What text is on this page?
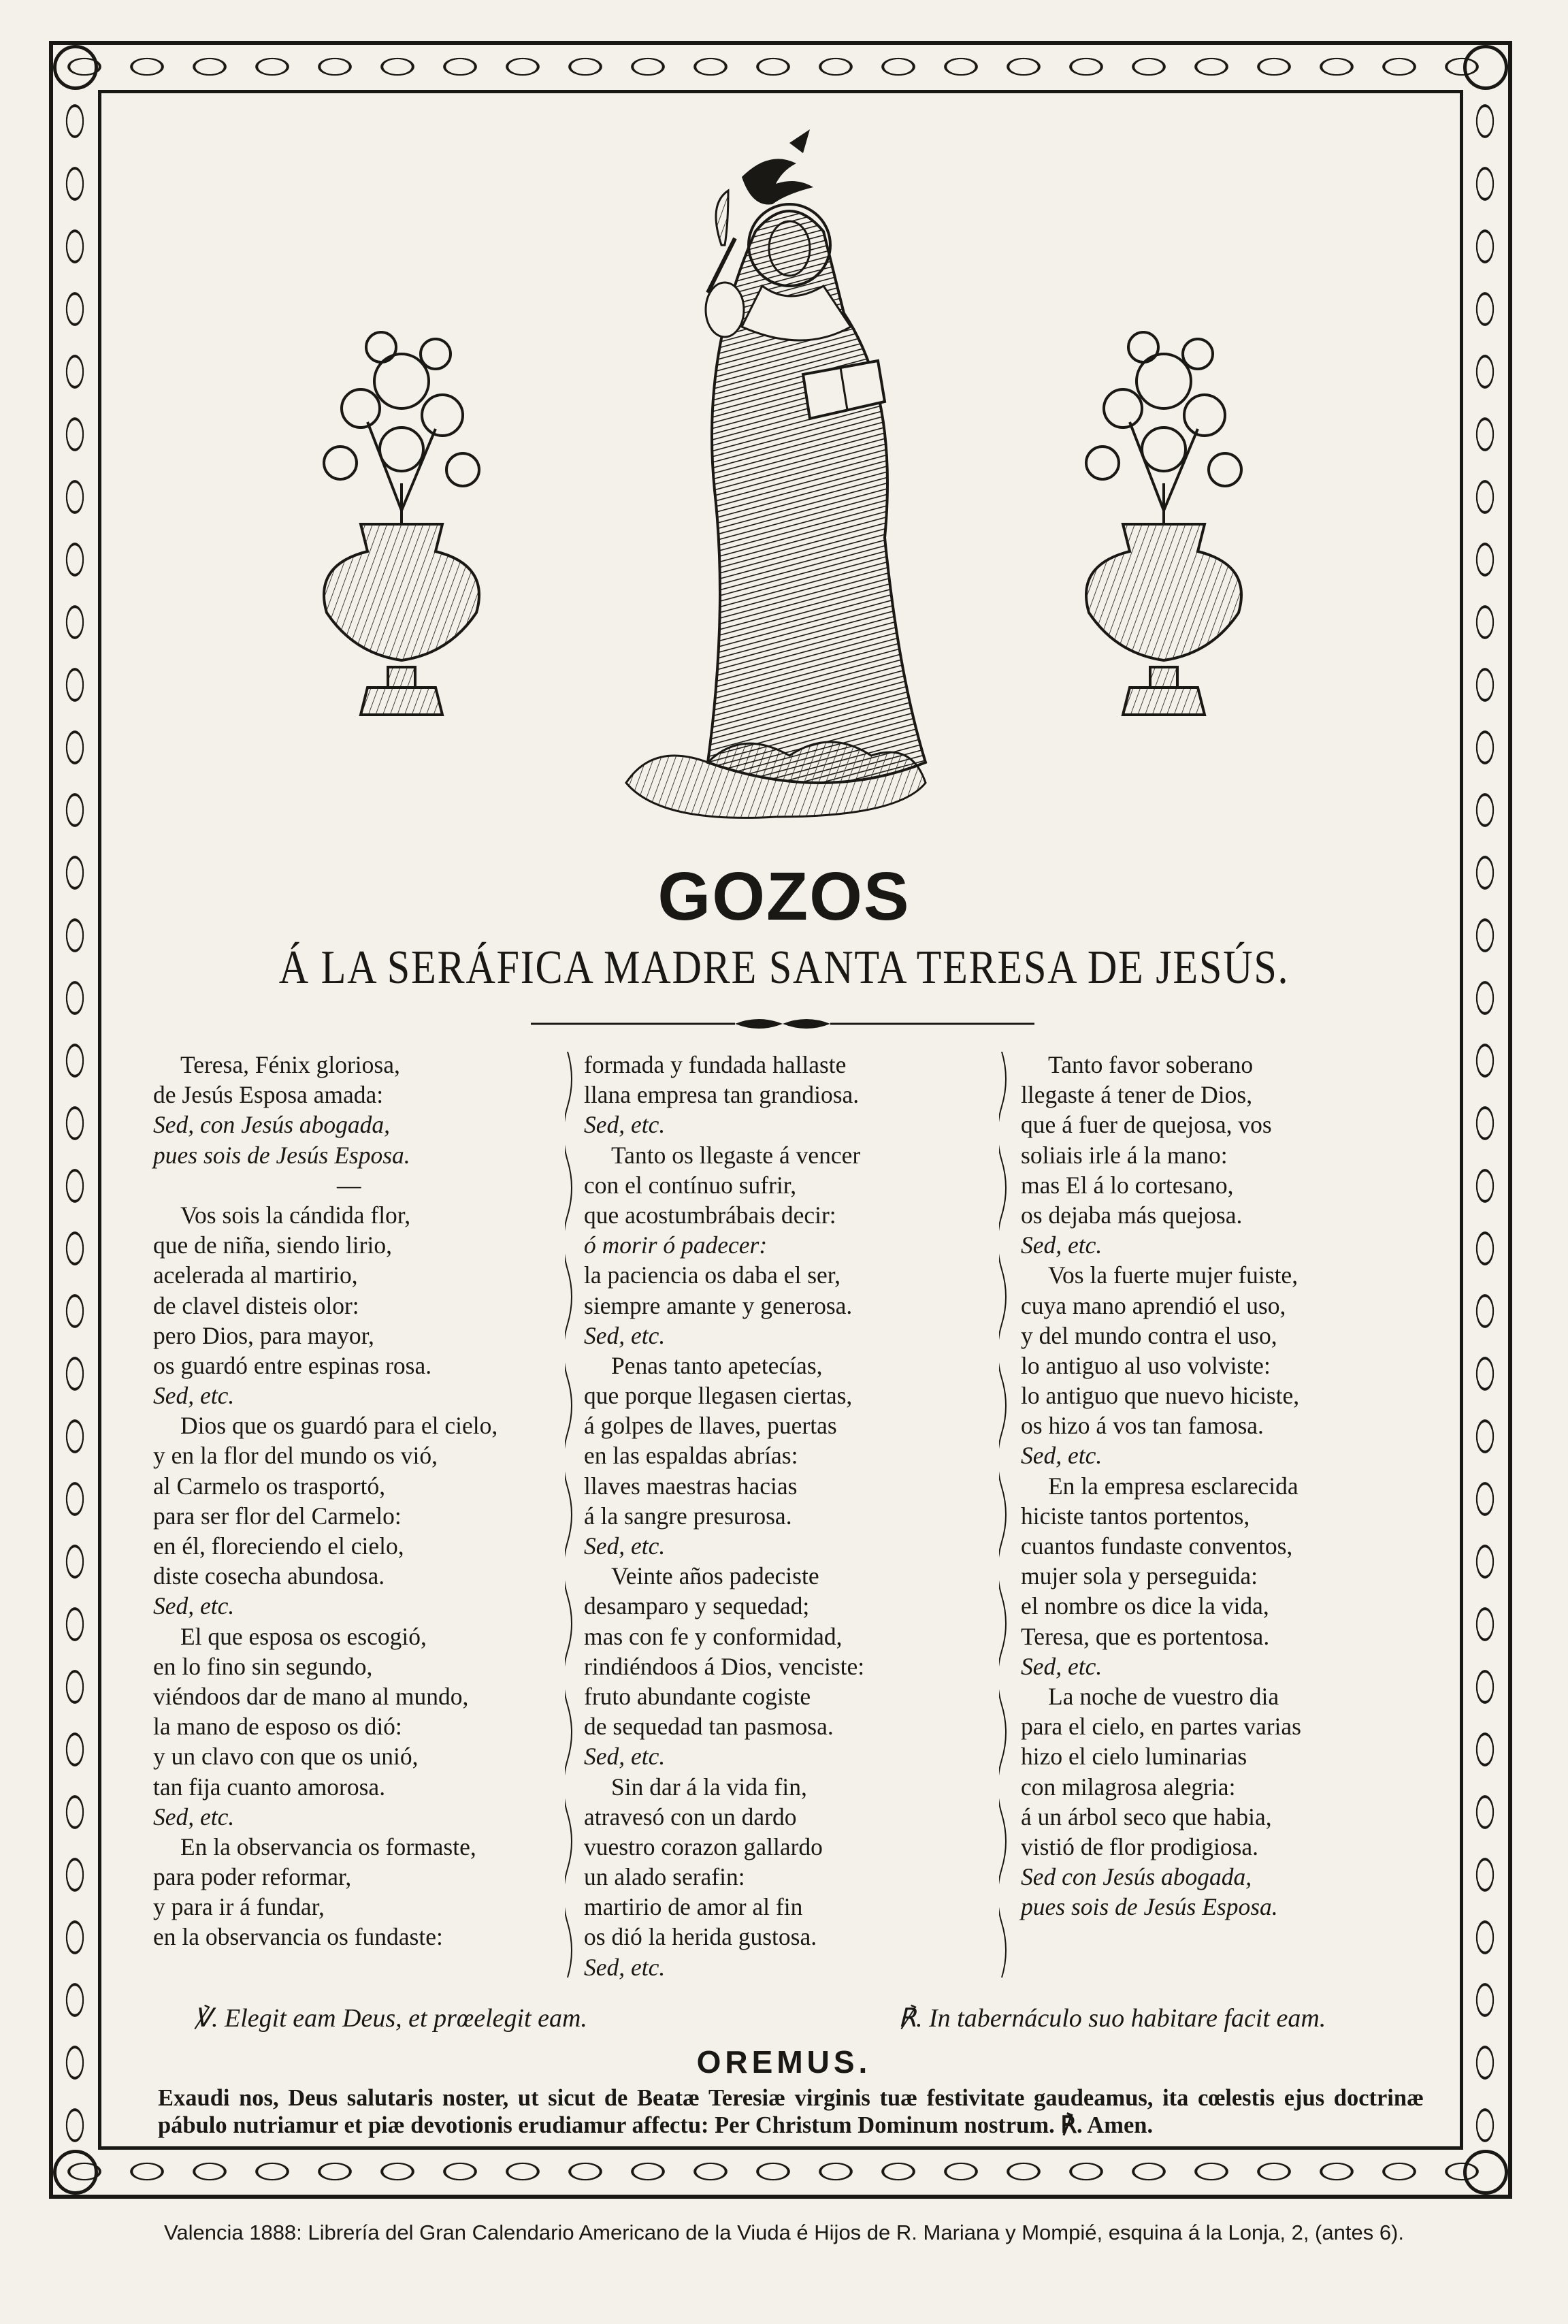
GOZOS
Á LA SERÁFICA MADRE SANTA TERESA DE JESÚS.
Teresa, Fénix gloriosa,
de Jesús Esposa amada:
Sed, con Jesús abogada,
pues sois de Jesús Esposa.
—
Vos sois la cándida flor,
que de niña, siendo lirio,
acelerada al martirio,
de clavel disteis olor:
pero Dios, para mayor,
os guardó entre espinas rosa.
Sed, etc.
Dios que os guardó para el cielo,
y en la flor del mundo os vió,
al Carmelo os trasportó,
para ser flor del Carmelo:
en él, floreciendo el cielo,
diste cosecha abundosa.
Sed, etc.
El que esposa os escogió,
en lo fino sin segundo,
viéndoos dar de mano al mundo,
la mano de esposo os dió:
y un clavo con que os unió,
tan fija cuanto amorosa.
Sed, etc.
En la observancia os formaste,
para poder reformar,
y para ir á fundar,
en la observancia os fundaste:
formada y fundada hallaste
llana empresa tan grandiosa.
Sed, etc.
Tanto os llegaste á vencer
con el contínuo sufrir,
que acostumbrábais decir:
ó morir ó padecer:
la paciencia os daba el ser,
siempre amante y generosa.
Sed, etc.
Penas tanto apetecías,
que porque llegasen ciertas,
á golpes de llaves, puertas
en las espaldas abrías:
llaves maestras hacias
á la sangre presurosa.
Sed, etc.
Veinte años padeciste
desamparo y sequedad;
mas con fe y conformidad,
rindiéndoos á Dios, venciste:
fruto abundante cogiste
de sequedad tan pasmosa.
Sed, etc.
Sin dar á la vida fin,
atravesó con un dardo
vuestro corazon gallardo
un alado serafin:
martirio de amor al fin
os dió la herida gustosa.
Sed, etc.
Tanto favor soberano
llegaste á tener de Dios,
que á fuer de quejosa, vos
soliais irle á la mano:
mas El á lo cortesano,
os dejaba más quejosa.
Sed, etc.
Vos la fuerte mujer fuiste,
cuya mano aprendió el uso,
y del mundo contra el uso,
lo antiguo al uso volviste:
lo antiguo que nuevo hiciste,
os hizo á vos tan famosa.
Sed, etc.
En la empresa esclarecida
hiciste tantos portentos,
cuantos fundaste conventos,
mujer sola y perseguida:
el nombre os dice la vida,
Teresa, que es portentosa.
Sed, etc.
La noche de vuestro dia
para el cielo, en partes varias
hizo el cielo luminarias
con milagrosa alegria:
á un árbol seco que habia,
vistió de flor prodigiosa.
Sed con Jesús abogada,
pues sois de Jesús Esposa.
℣. Elegit eam Deus, et prœelegit eam.	℟. In tabernáculo suo habitare facit eam.
OREMUS.
Exaudi nos, Deus salutaris noster, ut sicut de Beatæ Teresiæ virginis tuæ festivitate gaudeamus, ita cœlestis ejus doctrinæ pábulo nutriamur et piæ devotionis erudiamur affectu: Per Christum Dominum nostrum. ℟. Amen.
Valencia 1888: Librería del Gran Calendario Americano de la Viuda é Hijos de R. Mariana y Mompié, esquina á la Lonja, 2, (antes 6).
